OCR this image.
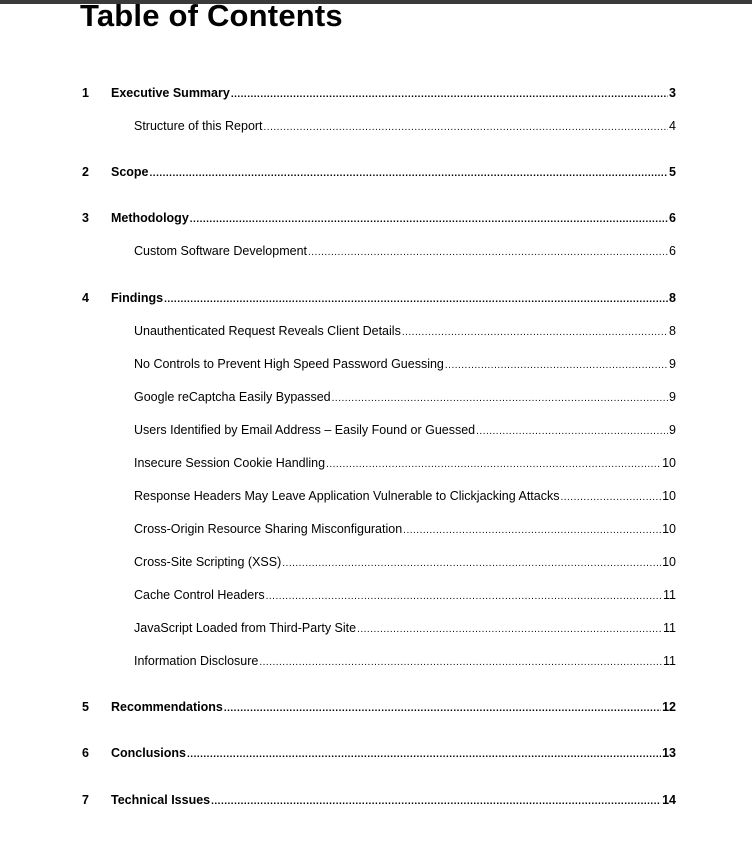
Table of Contents
1	Executive Summary .....	3
Structure of this Report .....	4
2	Scope .....	5
3	Methodology .....	6
Custom Software Development .....	6
4	Findings .....	8
Unauthenticated Request Reveals Client Details .....	8
No Controls to Prevent High Speed Password Guessing .....	9
Google reCaptcha Easily Bypassed .....	9
Users Identified by Email Address – Easily Found or Guessed .....	9
Insecure Session Cookie Handling .....	10
Response Headers May Leave Application Vulnerable to Clickjacking Attacks .....	10
Cross-Origin Resource Sharing Misconfiguration .....	10
Cross-Site Scripting (XSS) .....	10
Cache Control Headers .....	11
JavaScript Loaded from Third-Party Site .....	11
Information Disclosure .....	11
5	Recommendations .....	12
6	Conclusions .....	13
7	Technical Issues .....	14
